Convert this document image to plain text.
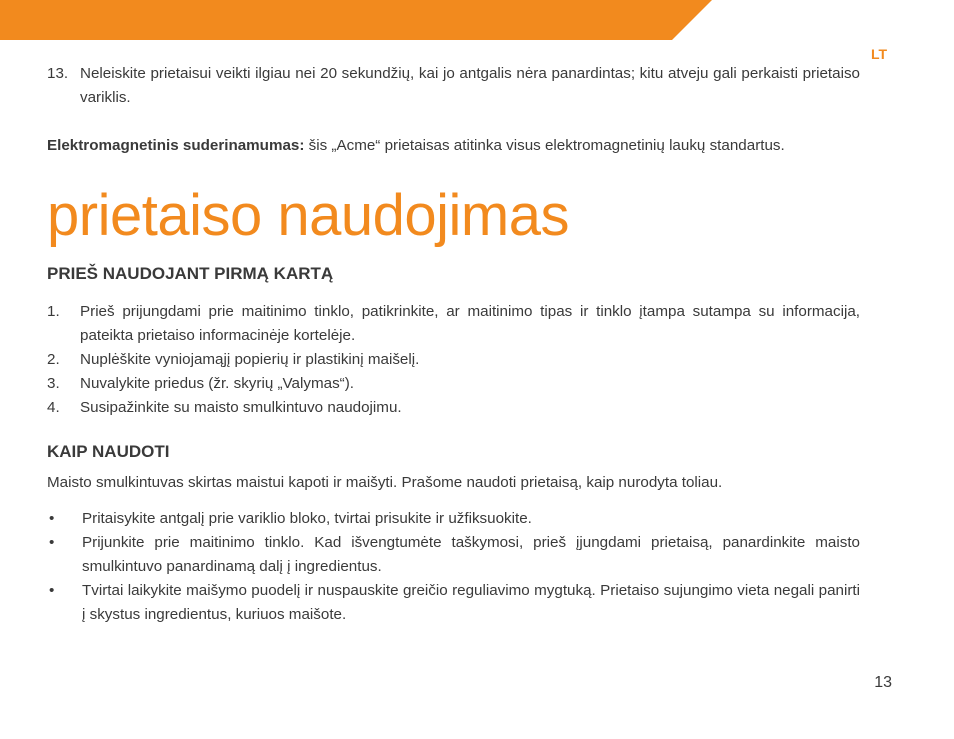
LT
13. Neleiskite prietaisui veikti ilgiau nei 20 sekundžių, kai jo antgalis nėra panardintas; kitu atveju gali perkaisti prietaiso variklis.

Elektromagnetinis suderinamumas: šis „Acme“ prietaisas atitinka visus elektromagnetinių laukų standartus.

prietaiso naudojimas
PRIEŠ NAUDOJANT PIRMĄ KARTĄ
1.	Prieš prijungdami prie maitinimo tinklo, patikrinkite, ar maitinimo tipas ir tinklo įtampa sutampa su informacija, pateikta prietaiso informacinėje kortelėje.
2.	Nuplėškite vyniojamąjį popierių ir plastikinį maišelį.
3.	Nuvalykite priedus (žr. skyrių „Valymas“).
4.	Susipažinkite su maisto smulkintuvo naudojimu.
KAIP NAUDOTI

Maisto smulkintuvas skirtas maistui kapoti ir maišyti. Prašome naudoti prietaisą, kaip nurodyta toliau.

•	Pritaisykite antgalį prie variklio bloko, tvirtai prisukite ir užfiksuokite.
•	Prijunkite prie maitinimo tinklo. Kad išvengtumėte taškymosi, prieš įjungdami prietaisą, panardinkite maisto smulkintuvo panardinamą dalį į ingredientus.
•	Tvirtai laikykite maišymo puodelį ir nuspauskite greičio reguliavimo mygtuką. Prietaiso sujungimo vieta negali panirti į skystus ingredientus, kuriuos maišote.
13
